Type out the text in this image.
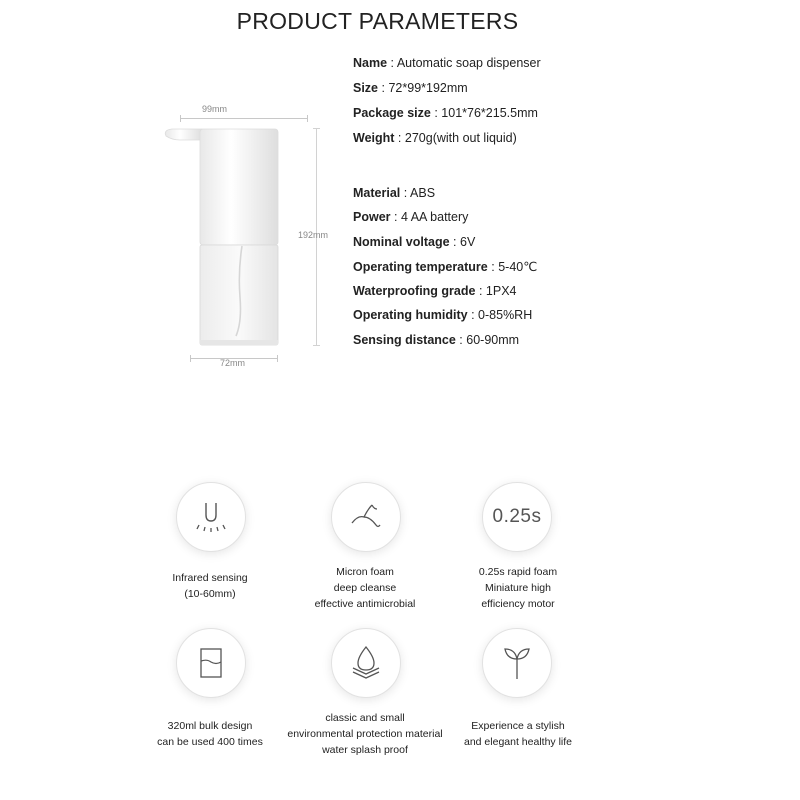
PRODUCT PARAMETERS
99mm
192mm
72mm
Name : Automatic soap dispenser
Size : 72*99*192mm
Package size : 101*76*215.5mm
Weight : 270g(with out liquid)
Material : ABS
Power : 4 AA battery
Nominal voltage : 6V
Operating temperature : 5-40℃
Waterproofing grade : 1PX4
Operating humidity : 0-85%RH
Sensing distance : 60-90mm
Infrared sensing
(10-60mm)
Micron foam
deep cleanse
effective antimicrobial
0.25s
0.25s rapid foam
Miniature high
efficiency motor
320ml bulk design
can be used 400 times
classic and small
environmental protection material
water splash proof
Experience a stylish
and elegant healthy life
